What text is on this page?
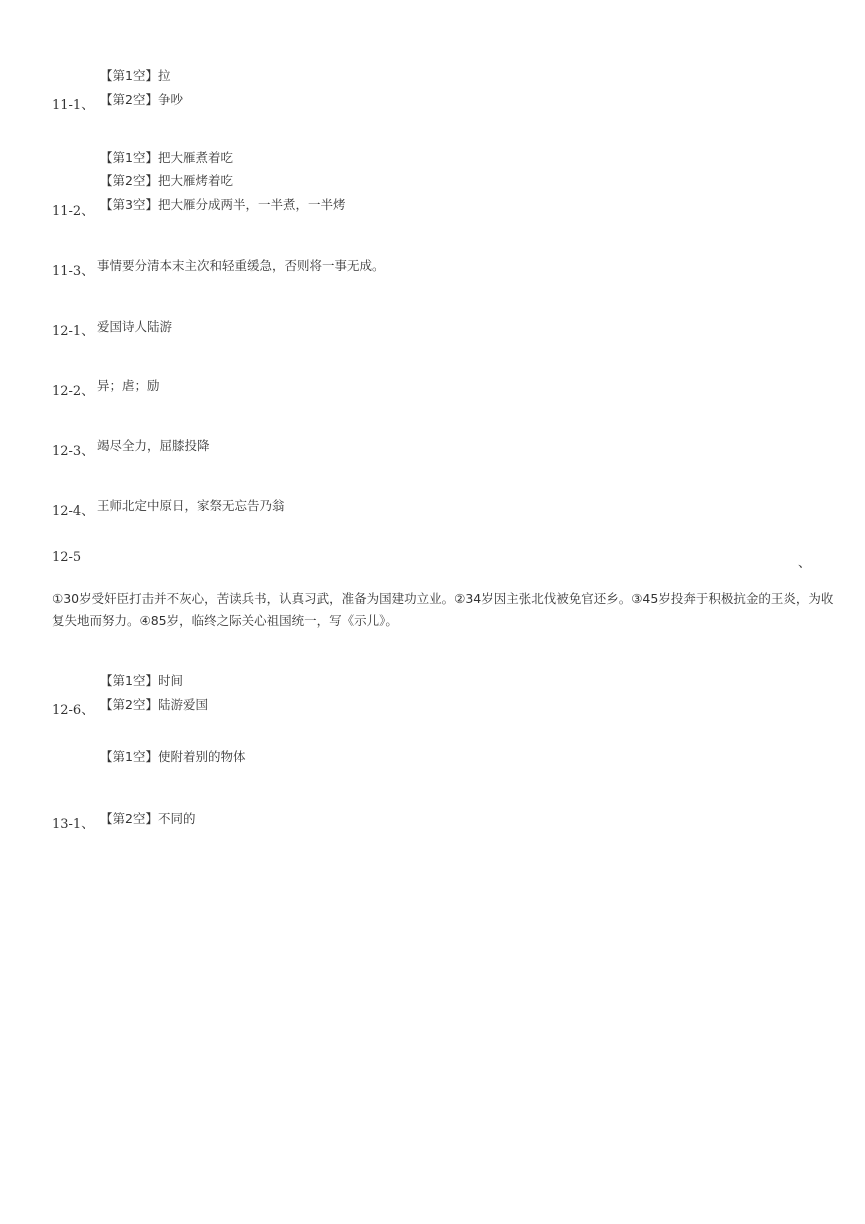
【第1空】拉
11-1、 【第2空】争吵
【第1空】把大雁煮着吃
【第2空】把大雁烤着吃
11-2、 【第3空】把大雁分成两半，一半煮，一半烤
11-3、 事情要分清本末主次和轻重缓急，否则将一事无成。
12-1、 爱国诗人陆游
12-2、 异；虐；励
12-3、 竭尽全力，屈膝投降
12-4、 王师北定中原日，家祭无忘告乃翁
12-5	、
①30岁受奸臣打击并不灰心，苦读兵书，认真习武，准备为国建功立业。②34岁因主张北伐被免官还乡。③45岁投奔于积极抗金的王炎，为收复失地而努力。④85岁，临终之际关心祖国统一，写《示儿》。
【第1空】时间
12-6、 【第2空】陆游爱国
【第1空】使附着别的物体
13-1、 【第2空】不同的
